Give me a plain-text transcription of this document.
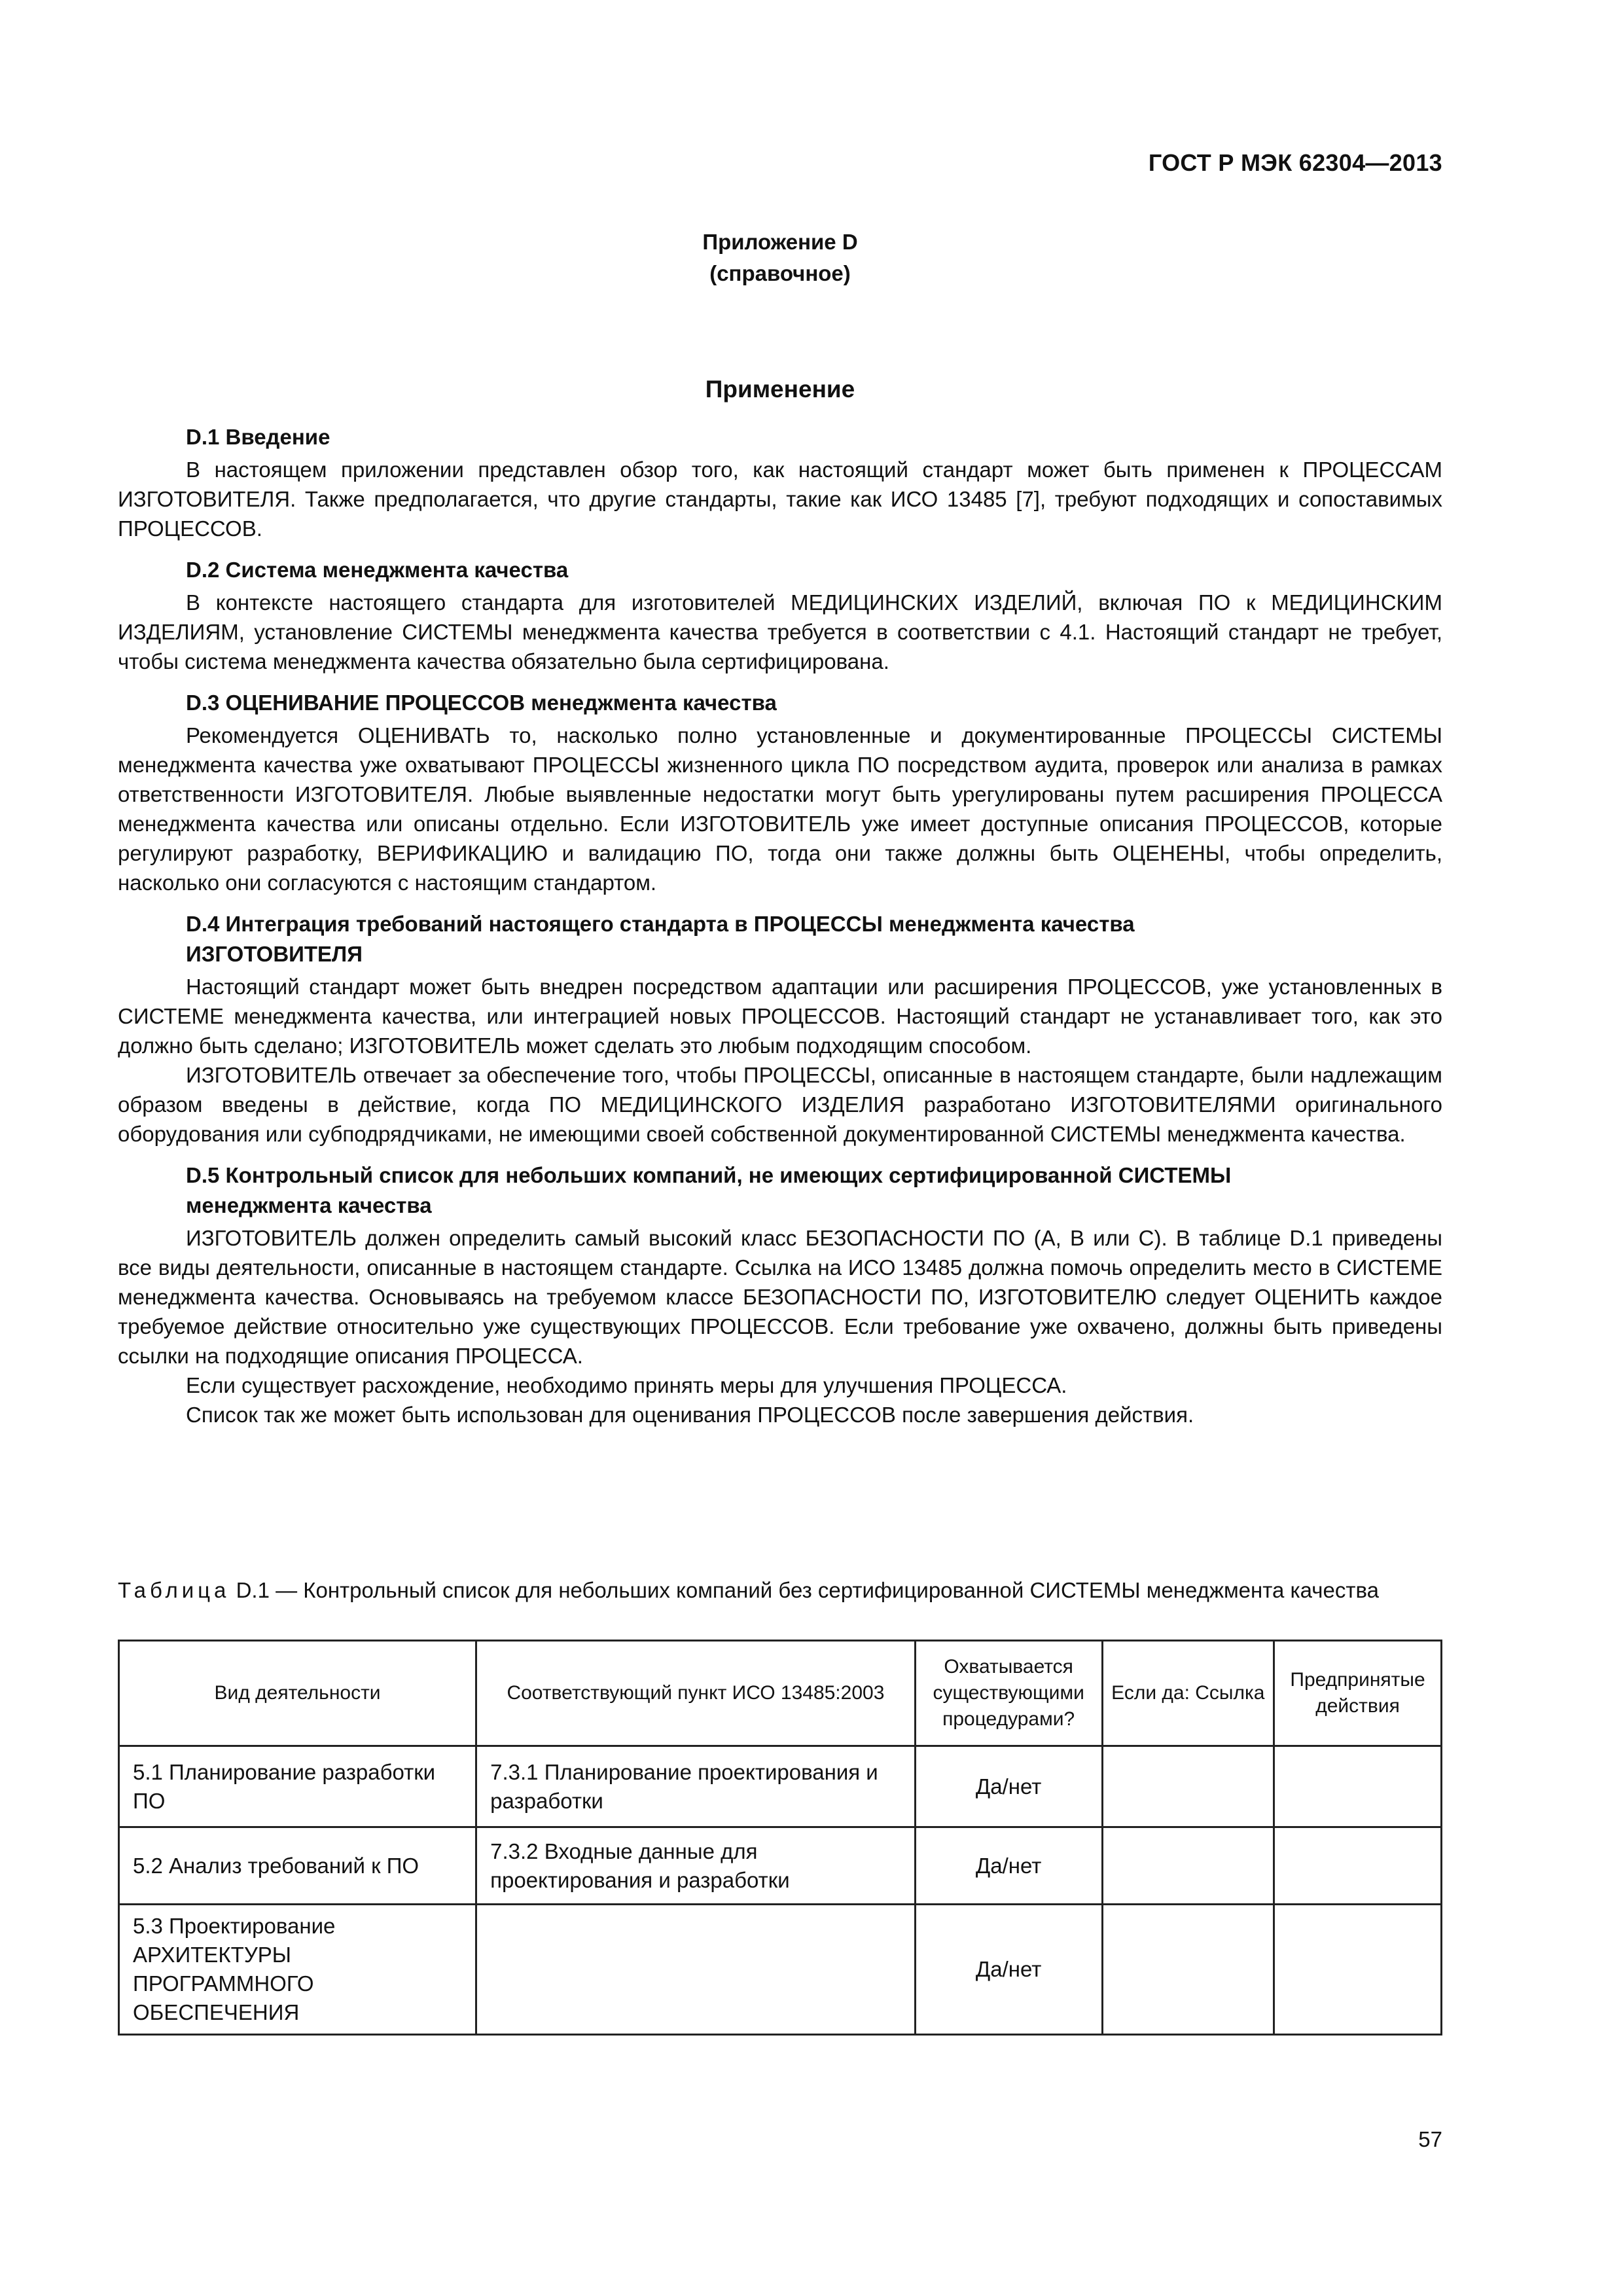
ГОСТ Р МЭК 62304—2013
Приложение D
(справочное)
Применение
D.1 Введение

В настоящем приложении представлен обзор того, как настоящий стандарт может быть применен к ПРОЦЕССАМ ИЗГОТОВИТЕЛЯ. Также предполагается, что другие стандарты, такие как ИСО 13485 [7], требуют подходящих и сопоставимых ПРОЦЕССОВ.

D.2 Система менеджмента качества

В контексте настоящего стандарта для изготовителей МЕДИЦИНСКИХ ИЗДЕЛИЙ, включая ПО к МЕДИЦИНСКИМ ИЗДЕЛИЯМ, установление СИСТЕМЫ менеджмента качества требуется в соответствии с 4.1. Настоящий стандарт не требует, чтобы система менеджмента качества обязательно была сертифицирована.

D.3 ОЦЕНИВАНИЕ ПРОЦЕССОВ менеджмента качества

Рекомендуется ОЦЕНИВАТЬ то, насколько полно установленные и документированные ПРОЦЕССЫ СИСТЕМЫ менеджмента качества уже охватывают ПРОЦЕССЫ жизненного цикла ПО посредством аудита, проверок или анализа в рамках ответственности ИЗГОТОВИТЕЛЯ. Любые выявленные недостатки могут быть урегулированы путем расширения ПРОЦЕССА менеджмента качества или описаны отдельно. Если ИЗГОТОВИТЕЛЬ уже имеет доступные описания ПРОЦЕССОВ, которые регулируют разработку, ВЕРИФИКАЦИЮ и валидацию ПО, тогда они также должны быть ОЦЕНЕНЫ, чтобы определить, насколько они согласуются с настоящим стандартом.

D.4 Интеграция требований настоящего стандарта в ПРОЦЕССЫ менеджмента качества
ИЗГОТОВИТЕЛЯ

Настоящий стандарт может быть внедрен посредством адаптации или расширения ПРОЦЕССОВ, уже установленных в СИСТЕМЕ менеджмента качества, или интеграцией новых ПРОЦЕССОВ. Настоящий стандарт не устанавливает того, как это должно быть сделано; ИЗГОТОВИТЕЛЬ может сделать это любым подходящим способом.

ИЗГОТОВИТЕЛЬ отвечает за обеспечение того, чтобы ПРОЦЕССЫ, описанные в настоящем стандарте, были надлежащим образом введены в действие, когда ПО МЕДИЦИНСКОГО ИЗДЕЛИЯ разработано ИЗГОТОВИТЕЛЯМИ оригинального оборудования или субподрядчиками, не имеющими своей собственной документированной СИСТЕМЫ менеджмента качества.

D.5 Контрольный список для небольших компаний, не имеющих сертифицированной СИСТЕМЫ
менеджмента качества

ИЗГОТОВИТЕЛЬ должен определить самый высокий класс БЕЗОПАСНОСТИ ПО (A, B или C). В таблице D.1 приведены все виды деятельности, описанные в настоящем стандарте. Ссылка на ИСО 13485 должна помочь определить место в СИСТЕМЕ менеджмента качества. Основываясь на требуемом классе БЕЗОПАСНОСТИ ПО, ИЗГОТОВИТЕЛЮ следует ОЦЕНИТЬ каждое требуемое действие относительно уже существующих ПРОЦЕССОВ. Если требование уже охвачено, должны быть приведены ссылки на подходящие описания ПРОЦЕССА.

Если существует расхождение, необходимо принять меры для улучшения ПРОЦЕССА.

Список так же может быть использован для оценивания ПРОЦЕССОВ после завершения действия.

Таблица D.1 — Контрольный список для небольших компаний без сертифицированной СИСТЕМЫ менеджмента качества
Вид деятельности	Соответствующий пункт ИСО 13485:2003	Охватывается существующими процедурами?	Если да: Ссылка	Предпринятые действия
5.1 Планирование разработки ПО	7.3.1 Планирование проектирования и разработки	Да/нет		
5.2 Анализ требований к ПО	7.3.2 Входные данные для проектирования и разработки	Да/нет		
5.3 Проектирование АРХИТЕКТУРЫ ПРОГРАММНОГО ОБЕСПЕЧЕНИЯ		Да/нет		
57
